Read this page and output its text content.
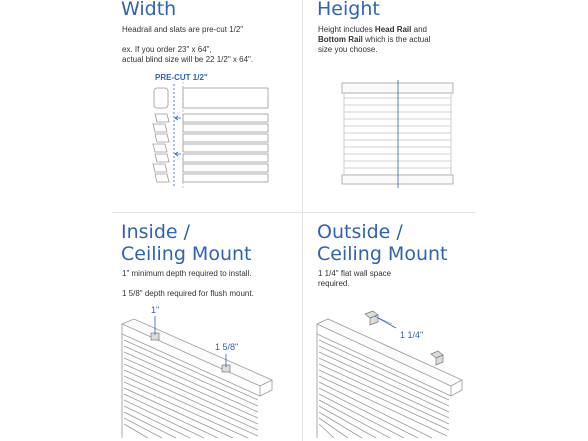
Width
Headrail and slats are pre-cut 1/2"
ex. If you order 23" x 64",
actual blind size will be 22 1/2" x 64".
PRE-CUT 1/2"
Height
Height includes Head Rail and
Bottom Rail which is the actual
size you choose.
Inside /
Ceiling Mount
1" minimum depth required to install.
1 5/8" depth required for flush mount.
1"
1 5/8"
Outside /
Ceiling Mount
1 1/4" flat wall space
required.
1 1/4"
